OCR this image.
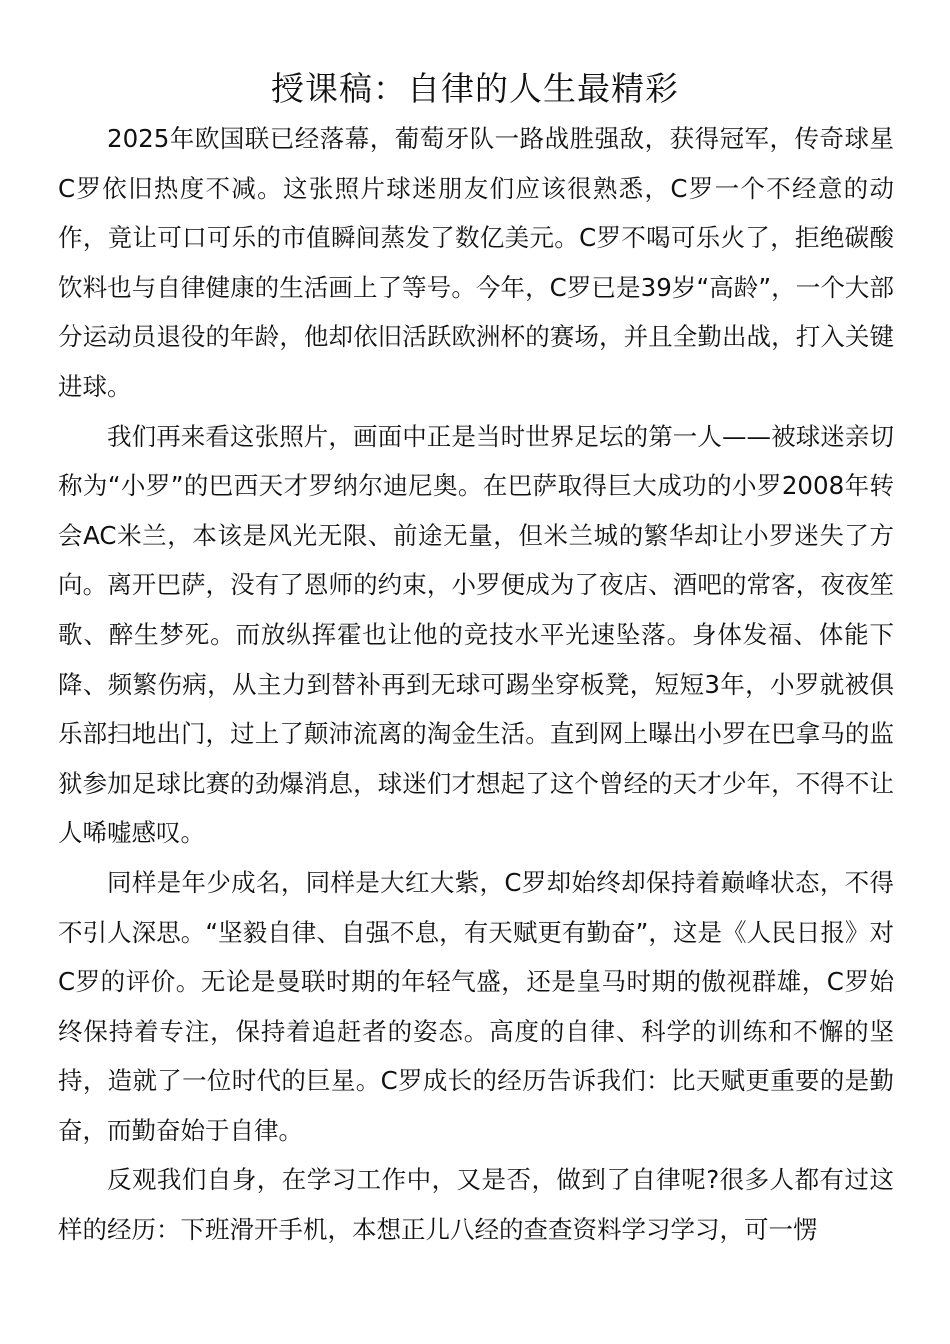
授课稿：自律的人生最精彩

2025年欧国联已经落幕，葡萄牙队一路战胜强敌，获得冠军，传奇球星C罗依旧热度不减。这张照片球迷朋友们应该很熟悉，C罗一个不经意的动作，竟让可口可乐的市值瞬间蒸发了数亿美元。C罗不喝可乐火了，拒绝碳酸饮料也与自律健康的生活画上了等号。今年，C罗已是39岁“高龄”，一个大部分运动员退役的年龄，他却依旧活跃欧洲杯的赛场，并且全勤出战，打入关键进球。

我们再来看这张照片，画面中正是当时世界足坛的第一人——被球迷亲切称为“小罗”的巴西天才罗纳尔迪尼奥。在巴萨取得巨大成功的小罗2008年转会AC米兰，本该是风光无限、前途无量，但米兰城的繁华却让小罗迷失了方向。离开巴萨，没有了恩师的约束，小罗便成为了夜店、酒吧的常客，夜夜笙歌、醉生梦死。而放纵挥霍也让他的竞技水平光速坠落。身体发福、体能下降、频繁伤病，从主力到替补再到无球可踢坐穿板凳，短短3年，小罗就被俱乐部扫地出门，过上了颠沛流离的淘金生活。直到网上曝出小罗在巴拿马的监狱参加足球比赛的劲爆消息，球迷们才想起了这个曾经的天才少年，不得不让人唏嘘感叹。

同样是年少成名，同样是大红大紫，C罗却始终却保持着巅峰状态，不得不引人深思。“坚毅自律、自强不息，有天赋更有勤奋”，这是《人民日报》对C罗的评价。无论是曼联时期的年轻气盛，还是皇马时期的傲视群雄，C罗始终保持着专注，保持着追赶者的姿态。高度的自律、科学的训练和不懈的坚持，造就了一位时代的巨星。C罗成长的经历告诉我们：比天赋更重要的是勤奋，而勤奋始于自律。

反观我们自身，在学习工作中，又是否，做到了自律呢?很多人都有过这样的经历：下班滑开手机，本想正儿八经的查查资料学习学习，可一愣
